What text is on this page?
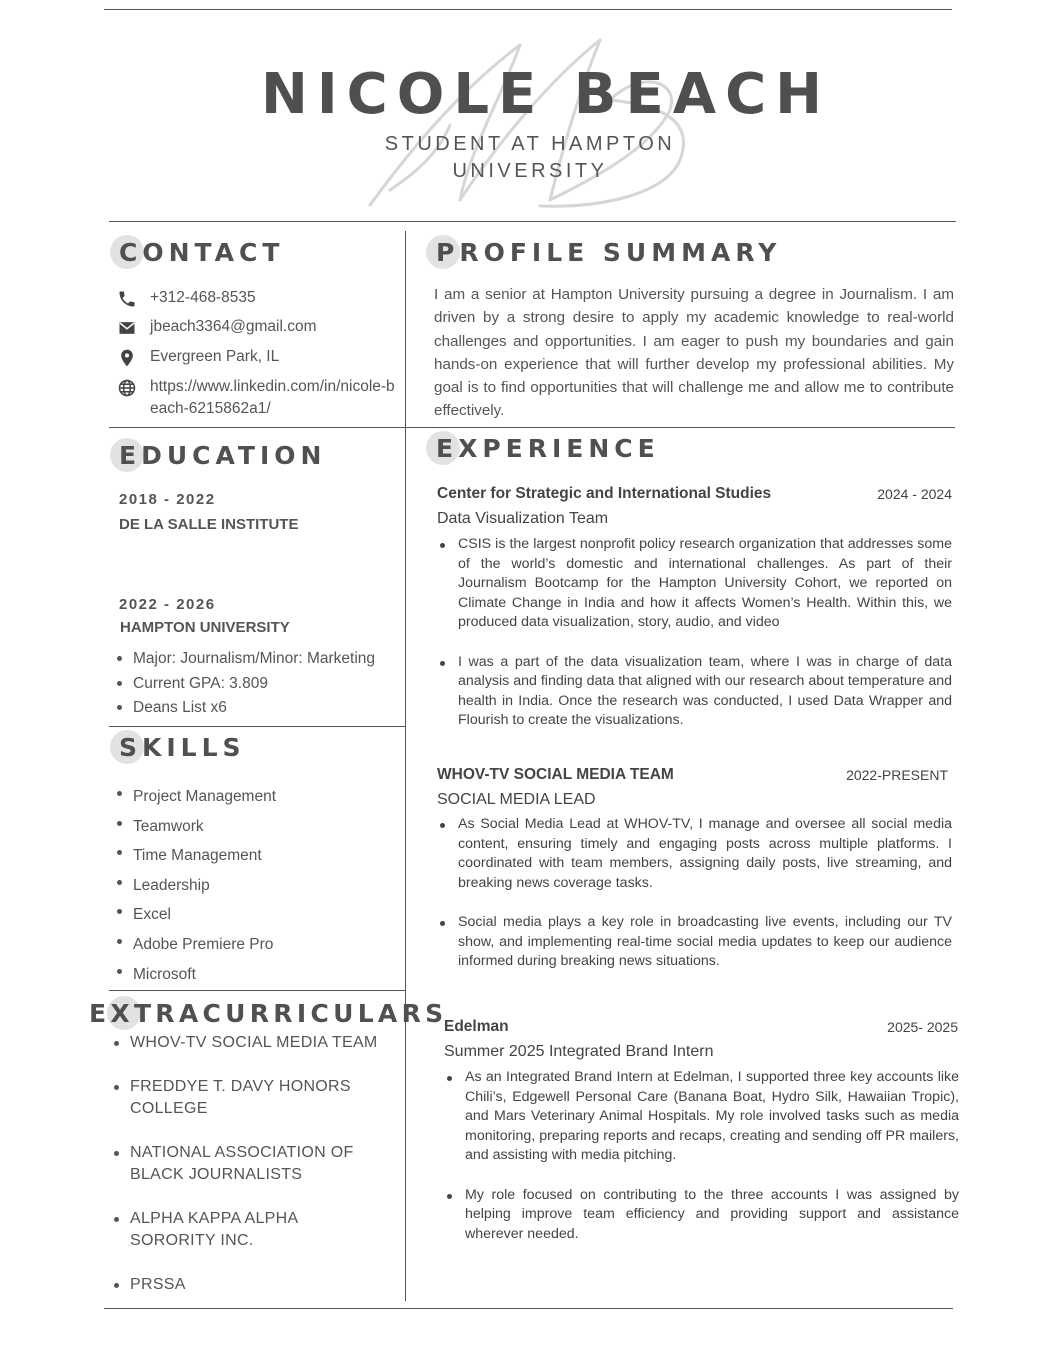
NICOLE BEACH
STUDENT AT HAMPTON UNIVERSITY
CONTACT
+312-468-8535
jbeach3364@gmail.com
Evergreen Park, IL
https://www.linkedin.com/in/nicole-beach-6215862a1/
EDUCATION
2018 - 2022
DE LA SALLE INSTITUTE
2022 - 2026
HAMPTON UNIVERSITY
Major: Journalism/Minor: Marketing
Current GPA: 3.809
Deans List x6
SKILLS
Project Management
Teamwork
Time Management
Leadership
Excel
Adobe Premiere Pro
Microsoft
EXTRACURRICULARS
WHOV-TV SOCIAL MEDIA TEAM
FREDDYE T. DAVY HONORS COLLEGE
NATIONAL ASSOCIATION OF BLACK JOURNALISTS
ALPHA KAPPA ALPHA SORORITY INC.
PRSSA
PROFILE SUMMARY
I am a senior at Hampton University pursuing a degree in Journalism. I am driven by a strong desire to apply my academic knowledge to real-world challenges and opportunities. I am eager to push my boundaries and gain hands-on experience that will further develop my professional abilities. My goal is to find opportunities that will challenge me and allow me to contribute effectively.
EXPERIENCE
Center for Strategic and International Studies	2024 - 2024
Data Visualization Team
CSIS is the largest nonprofit policy research organization that addresses some of the world’s domestic and international challenges. As part of their Journalism Bootcamp for the Hampton University Cohort, we reported on Climate Change in India and how it affects Women’s Health. Within this, we produced data visualization, story, audio, and video
I was a part of the data visualization team, where I was in charge of data analysis and finding data that aligned with our research about temperature and health in India. Once the research was conducted, I used Data Wrapper and Flourish to create the visualizations.
WHOV-TV SOCIAL MEDIA TEAM	2022-PRESENT
SOCIAL MEDIA LEAD
As Social Media Lead at WHOV-TV, I manage and oversee all social media content, ensuring timely and engaging posts across multiple platforms. I coordinated with team members, assigning daily posts, live streaming, and breaking news coverage tasks.
Social media plays a key role in broadcasting live events, including our TV show, and implementing real-time social media updates to keep our audience informed during breaking news situations.
Edelman	2025- 2025
Summer 2025 Integrated Brand Intern
As an Integrated Brand Intern at Edelman, I supported three key accounts like Chili’s, Edgewell Personal Care (Banana Boat, Hydro Silk, Hawaiian Tropic), and Mars Veterinary Animal Hospitals. My role involved tasks such as media monitoring, preparing reports and recaps, creating and sending off PR mailers, and assisting with media pitching.
My role focused on contributing to the three accounts I was assigned by helping improve team efficiency and providing support and assistance wherever needed.
